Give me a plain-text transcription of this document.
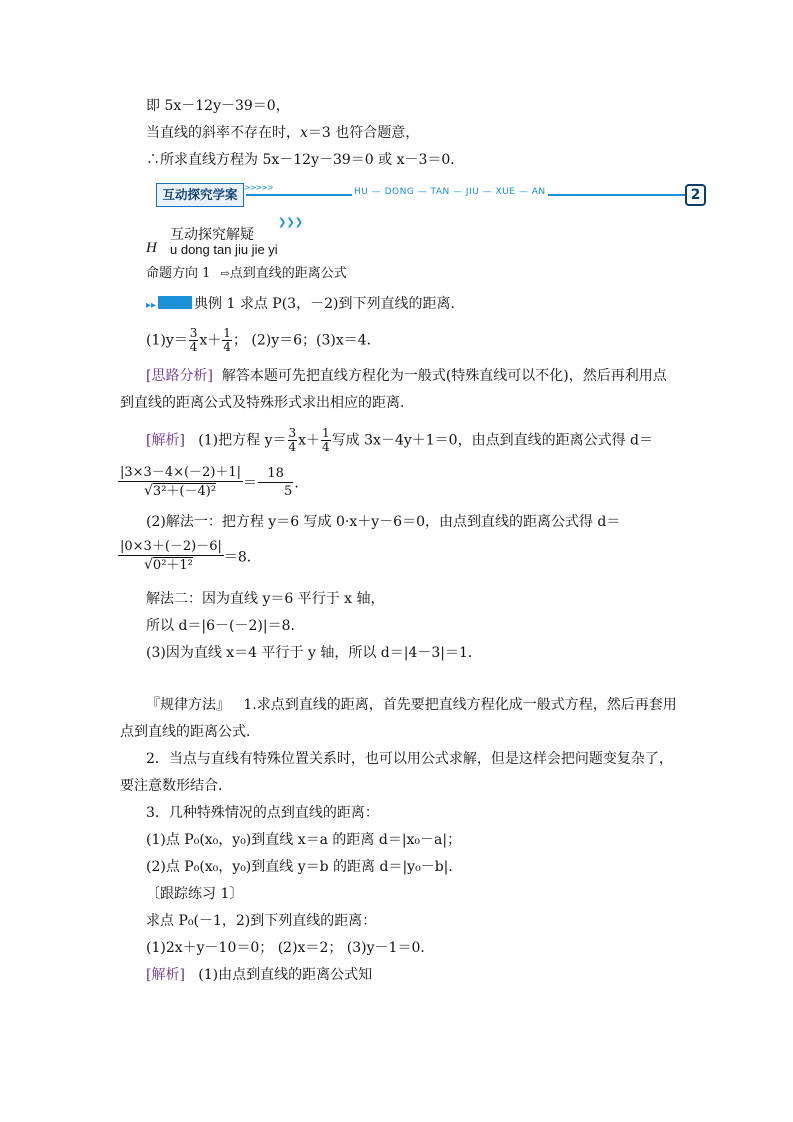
即 5x－12y－39＝0，
当直线的斜率不存在时，x＝3 也符合题意，
∴所求直线方程为 5x－12y－39＝0 或 x－3＝0．
互动探究学案 >>>>>	HU — DONG — TAN — JIU — XUE — AN	2
H
互动探究解疑
u dong tan jiu jie yi
❯❯❯
命题方向 1 ⇨点到直线的距离公式
▸▸	典例 1 求点 P(3，－2)到下列直线的距离．
$(1)y= \frac{3}{4} x+ \frac{1}{4}$ ； (2)y＝6；(3)x＝4．
[思路分析] 解答本题可先把直线方程化为一般式(特殊直线可以不化)，然后再利用点
到直线的距离公式及特殊形式求出相应的距离．
[解析] (1)把方程 $y= \frac{3}{4} x+ \frac{1}{4}$ 写成 3x－4y＋1＝0，由点到直线的距离公式得 d＝
$\frac{|3\times 3-4\times(-2)+1|}{\text{√3²＋(－4)²}} = \frac{18}{5}$ ．
(2)解法一：把方程 y＝6 写成 0·x＋y－6＝0，由点到直线的距离公式得 d＝
$\frac{|0\times 3+(-2)-6|}{\text{√0²＋1²}} =8$．
解法二：因为直线 y＝6 平行于 x 轴，
所以 d＝|6－(－2)|＝8．
(3)因为直线 x＝4 平行于 y 轴，所以 d＝|4－3|＝1．
『规律方法』 1.求点到直线的距离，首先要把直线方程化成一般式方程，然后再套用
点到直线的距离公式．
2．当点与直线有特殊位置关系时，也可以用公式求解，但是这样会把问题变复杂了，
要注意数形结合．
3．几种特殊情况的点到直线的距离：
(1)点 P₀(x₀，y₀)到直线 x＝a 的距离 d＝|x₀－a|；
(2)点 P₀(x₀，y₀)到直线 y＝b 的距离 d＝|y₀－b|．
〔跟踪练习 1〕
求点 P₀(－1，2)到下列直线的距离：
(1)2x＋y－10＝0； (2)x＝2； (3)y－1＝0．
[解析] (1)由点到直线的距离公式知
